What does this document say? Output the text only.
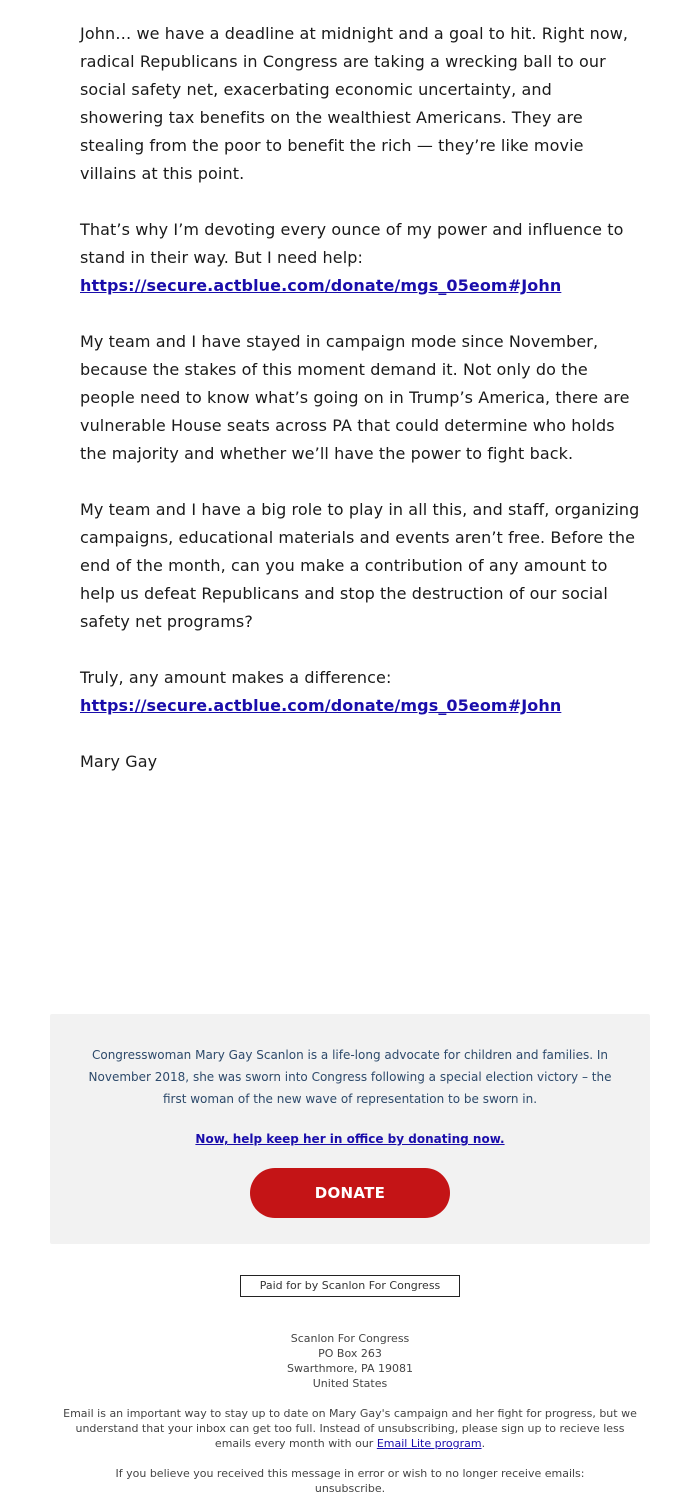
John… we have a deadline at midnight and a goal to hit. Right now, radical Republicans in Congress are taking a wrecking ball to our social safety net, exacerbating economic uncertainty, and showering tax benefits on the wealthiest Americans. They are stealing from the poor to benefit the rich — they’re like movie villains at this point.

That’s why I’m devoting every ounce of my power and influence to stand in their way. But I need help:
https://secure.actblue.com/donate/mgs_05eom#John

My team and I have stayed in campaign mode since November, because the stakes of this moment demand it. Not only do the people need to know what’s going on in Trump’s America, there are vulnerable House seats across PA that could determine who holds the majority and whether we’ll have the power to fight back.

My team and I have a big role to play in all this, and staff, organizing campaigns, educational materials and events aren’t free. Before the end of the month, can you make a contribution of any amount to help us defeat Republicans and stop the destruction of our social safety net programs?

Truly, any amount makes a difference:
https://secure.actblue.com/donate/mgs_05eom#John

Mary Gay

Congresswoman Mary Gay Scanlon is a life-long advocate for children and families. In November 2018, she was sworn into Congress following a special election victory – the first woman of the new wave of representation to be sworn in.
Now, help keep her in office by donating now.
DONATE
Paid for by Scanlon For Congress
Scanlon For Congress
PO Box 263
Swarthmore, PA 19081
United States
Email is an important way to stay up to date on Mary Gay's campaign and her fight for progress, but we understand that your inbox can get too full. Instead of unsubscribing, please sign up to recieve less emails every month with our Email Lite program.
If you believe you received this message in error or wish to no longer receive emails:
unsubscribe.
